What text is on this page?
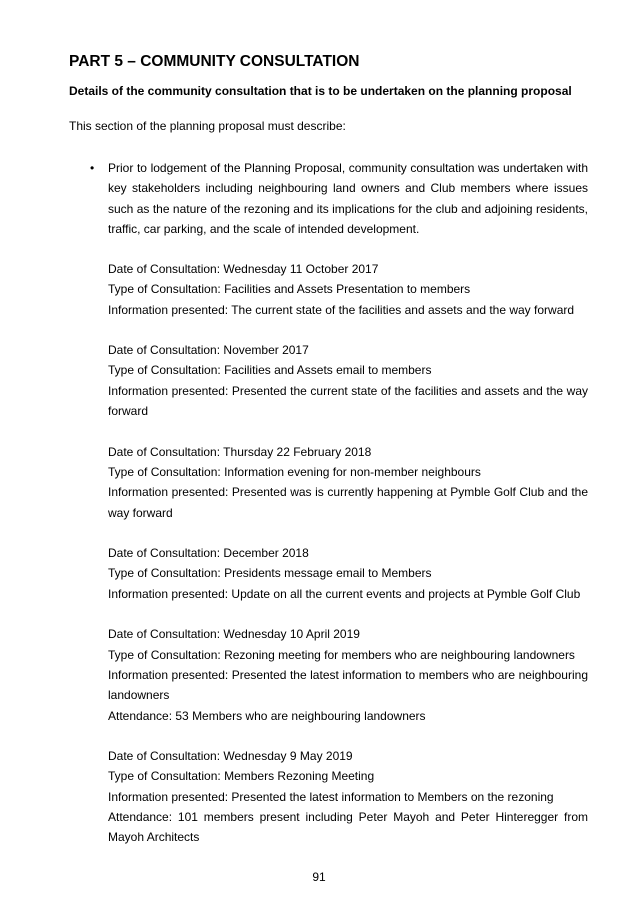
PART 5 – COMMUNITY CONSULTATION
Details of the community consultation that is to be undertaken on the planning proposal

This section of the planning proposal must describe:

• Prior to lodgement of the Planning Proposal, community consultation was undertaken with key stakeholders including neighbouring land owners and Club members where issues such as the nature of the rezoning and its implications for the club and adjoining residents, traffic, car parking, and the scale of intended development.

Date of Consultation: Wednesday 11 October 2017
Type of Consultation: Facilities and Assets Presentation to members
Information presented: The current state of the facilities and assets and the way forward
Date of Consultation: November 2017
Type of Consultation: Facilities and Assets email to members
Information presented: Presented the current state of the facilities and assets and the way forward
Date of Consultation: Thursday 22 February 2018
Type of Consultation: Information evening for non-member neighbours
Information presented: Presented was is currently happening at Pymble Golf Club and the way forward
Date of Consultation: December 2018
Type of Consultation: Presidents message email to Members
Information presented: Update on all the current events and projects at Pymble Golf Club
Date of Consultation: Wednesday 10 April 2019
Type of Consultation: Rezoning meeting for members who are neighbouring landowners
Information presented: Presented the latest information to members who are neighbouring landowners
Attendance: 53 Members who are neighbouring landowners
Date of Consultation: Wednesday 9 May 2019
Type of Consultation: Members Rezoning Meeting
Information presented: Presented the latest information to Members on the rezoning
Attendance: 101 members present including Peter Mayoh and Peter Hinteregger from Mayoh Architects
91
